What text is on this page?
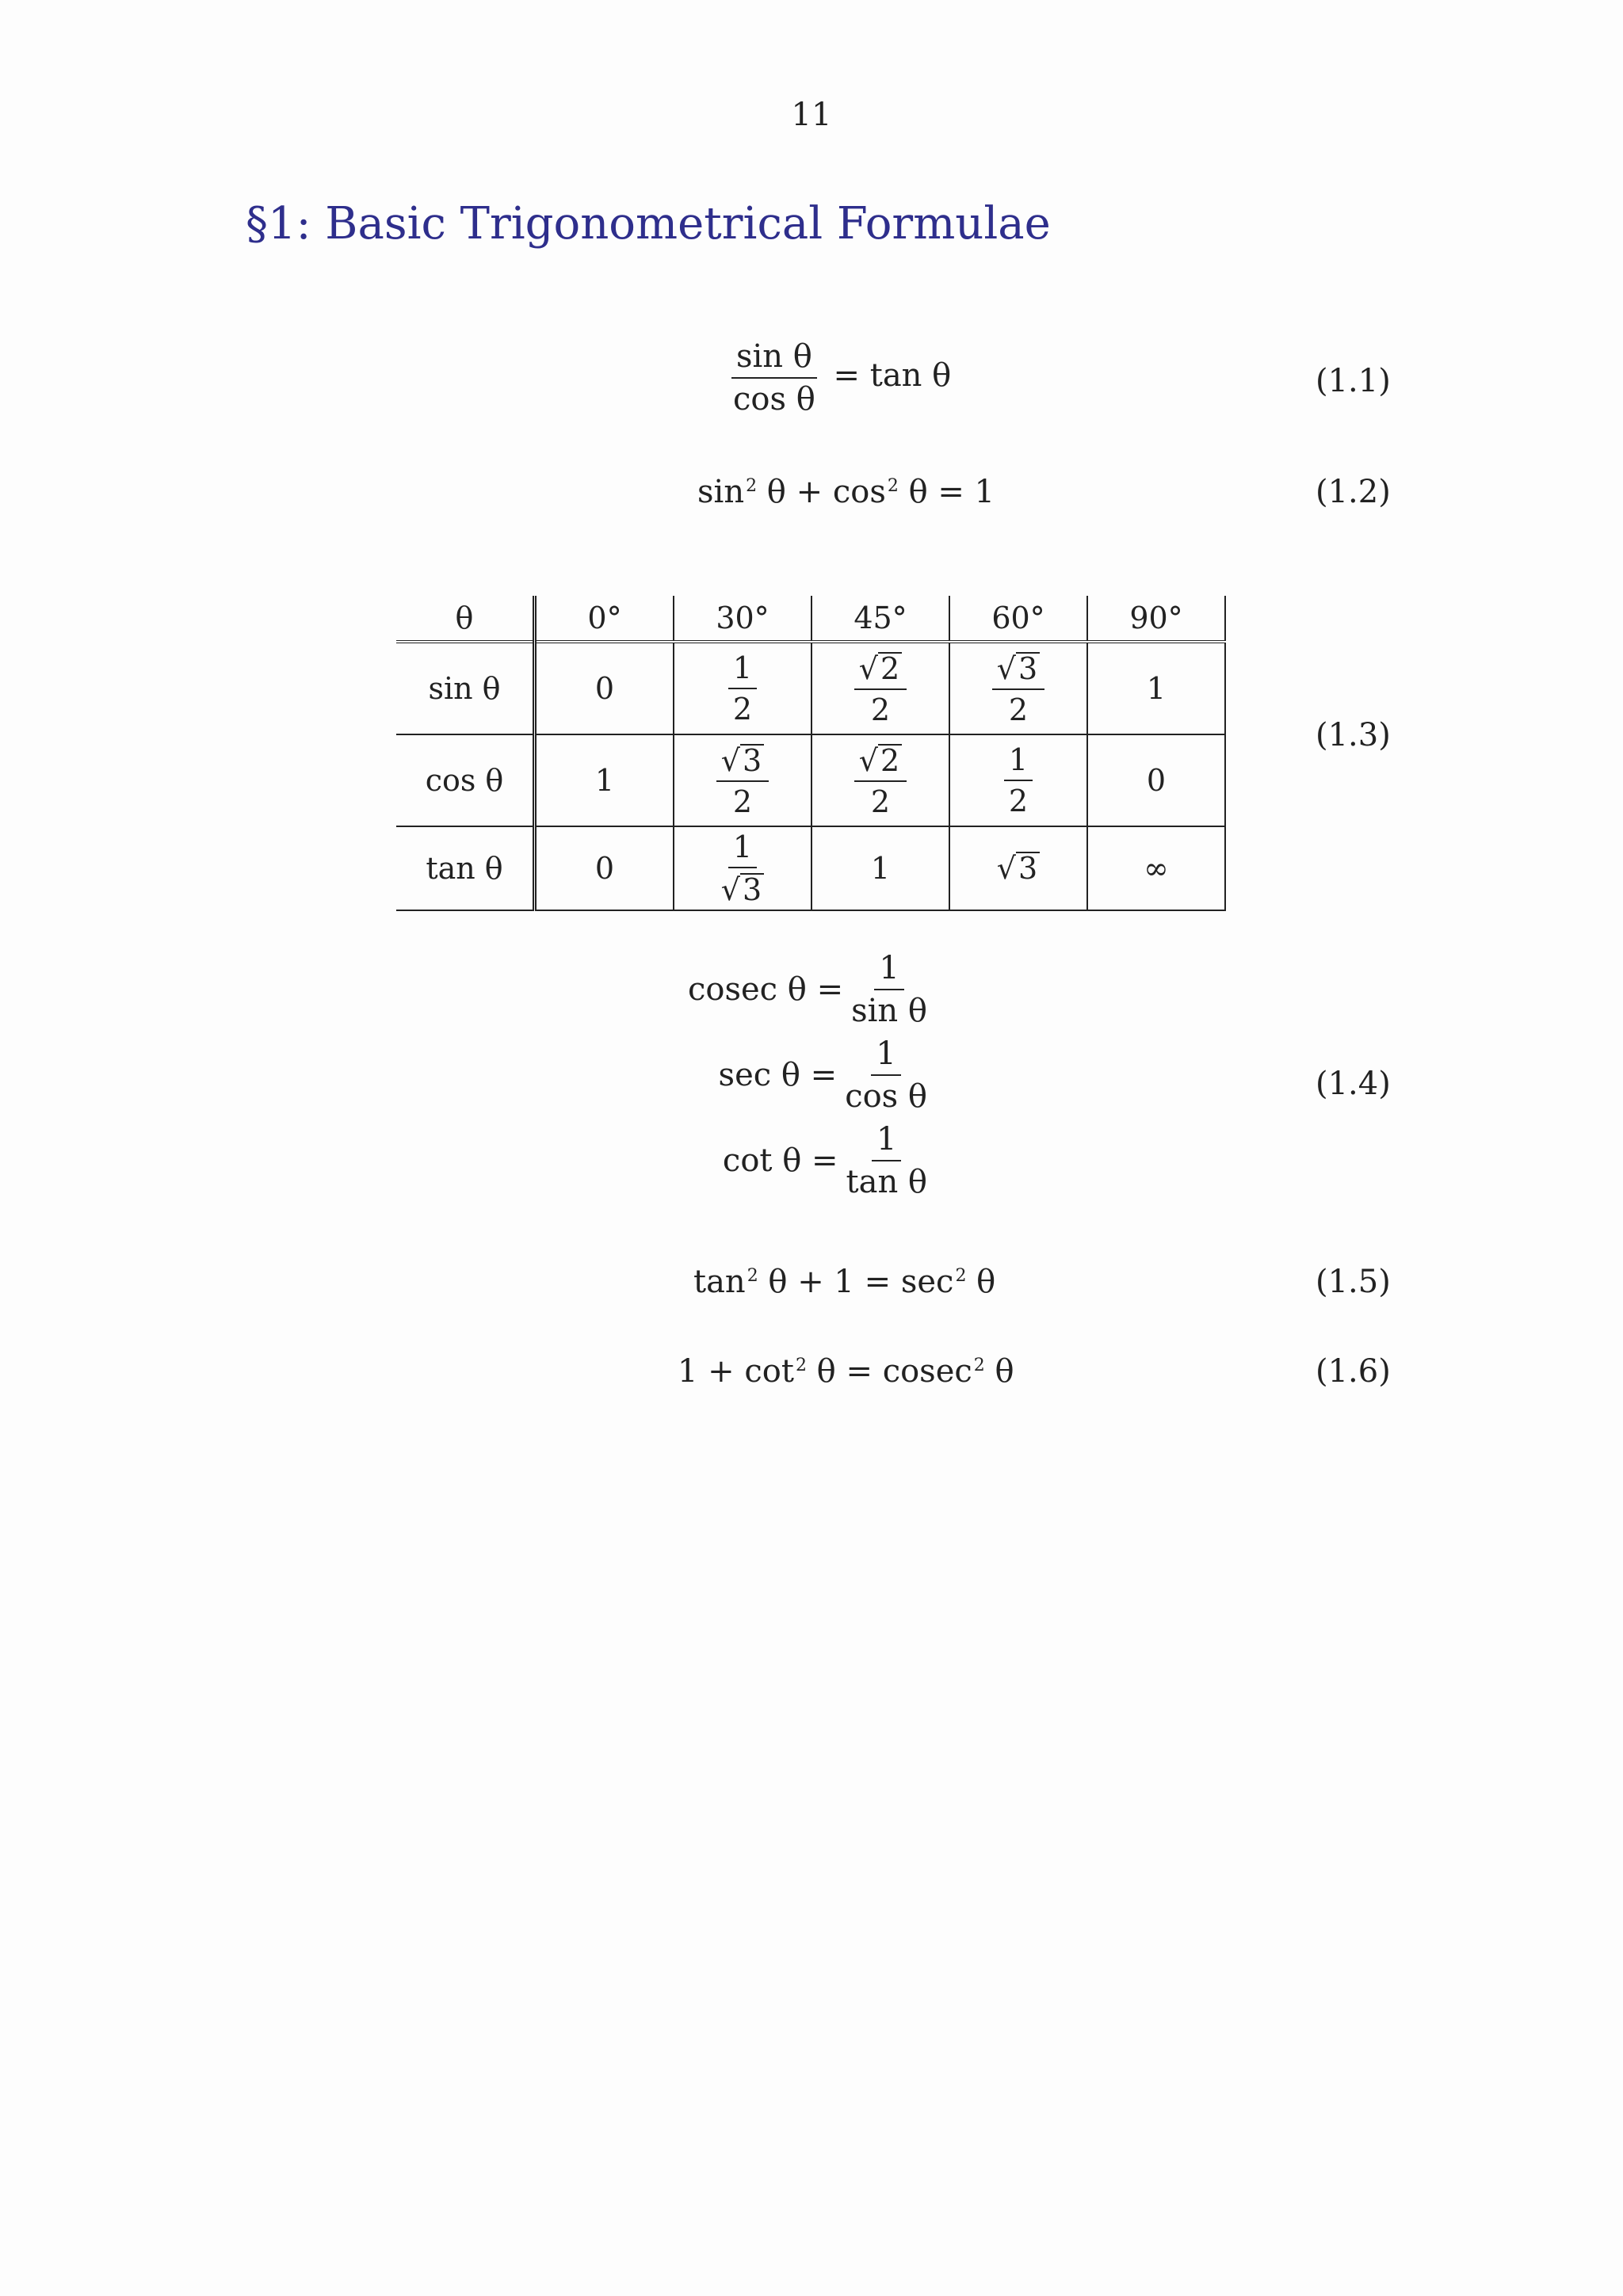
11
§1: Basic Trigonometrical Formulae
$\frac{\text{sin θ}}{\text{cos θ}} = \tan \theta$	(1.1)
$\sin^2 \theta + \cos^2 \theta = 1$	(1.2)
θ	0°	30°	45°	60°	90°
sin θ	0	$\frac{1}{2}$	$\frac{√2}{2}$	$\frac{√3}{2}$	1
cos θ	1	$\frac{√3}{2}$	$\frac{√2}{2}$	$\frac{1}{2}$	0
tan θ	0	$\frac{1}{√3}$	1	√3	∞
(1.3)
cosec $\theta = \frac{1}{\text{sin θ}}$
$\sec \theta = \frac{1}{\text{cos θ}}$
$\cot \theta = \frac{1}{\text{tan θ}}$
(1.4)
$\tan^2 \theta + 1 = \sec^2 \theta$	(1.5)
$1 + \cot^2 \theta = cosec^2$ θ	(1.6)
